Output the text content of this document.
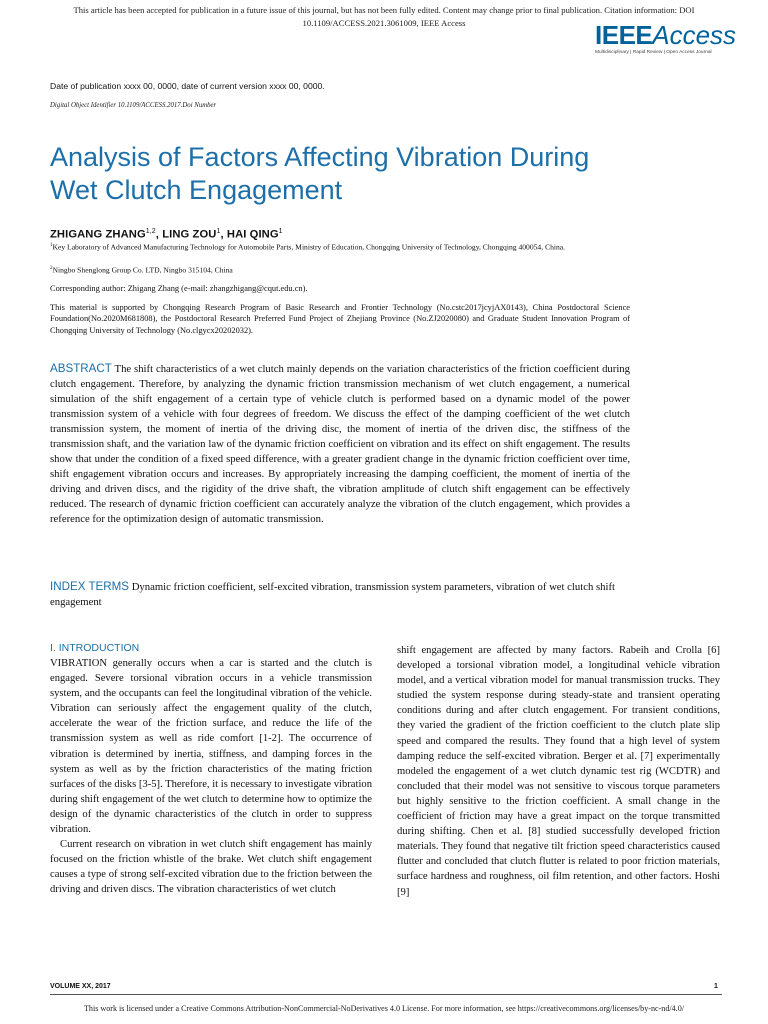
This article has been accepted for publication in a future issue of this journal, but has not been fully edited. Content may change prior to final publication. Citation information: DOI
10.1109/ACCESS.2021.3061009, IEEE Access	IEEEAccess
Multidisciplinary | Rapid Review | Open Access Journal
Date of publication xxxx 00, 0000, date of current version xxxx 00, 0000.
Digital Object Identifier 10.1109/ACCESS.2017.Doi Number
Analysis of Factors Affecting Vibration During
Wet Clutch Engagement
ZHIGANG ZHANG$^{1,2}$, LING ZOU$^1$, HAI QING$^1$
$^1$Key Laboratory of Advanced Manufacturing Technology for Automobile Parts, Ministry of Education, Chongqing University of Technology, Chongqing 400054, China.
$^2$Ningbo Shenglong Group Co. LTD, Ningbo 315104, China
Corresponding author: Zhigang Zhang (e-mail: zhangzhigang@cqut.edu.cn).
This material is supported by Chongqing Research Program of Basic Research and Frontier Technology (No.cstc2017jcyjAX0143), China Postdoctoral Science Foundation(No.2020M681808), the Postdoctoral Research Preferred Fund Project of Zhejiang Province (No.ZJ2020080) and Graduate Student Innovation Program of Chongqing University of Technology (No.clgycx20202032).
ABSTRACT The shift characteristics of a wet clutch mainly depends on the variation characteristics of the friction coefficient during clutch engagement. Therefore, by analyzing the dynamic friction transmission mechanism of wet clutch engagement, a numerical simulation of the shift engagement of a certain type of vehicle clutch is performed based on a dynamic model of the power transmission system of a vehicle with four degrees of freedom. We discuss the effect of the damping coefficient of the wet clutch transmission system, the moment of inertia of the driving disc, the moment of inertia of the driven disc, the stiffness of the transmission shaft, and the variation law of the dynamic friction coefficient on vibration and its effect on shift engagement. The results show that under the condition of a fixed speed difference, with a greater gradient change in the dynamic friction coefficient over time, shift engagement vibration occurs and increases. By appropriately increasing the damping coefficient, the moment of inertia of the driving and driven discs, and the rigidity of the drive shaft, the vibration amplitude of clutch shift engagement can be effectively reduced. The research of dynamic friction coefficient can accurately analyze the vibration of the clutch engagement, which provides a reference for the optimization design of automatic transmission.
INDEX TERMS Dynamic friction coefficient, self-excited vibration, transmission system parameters, vibration of wet clutch shift engagement

I. INTRODUCTION

VIBRATION generally occurs when a car is started and the clutch is engaged. Severe torsional vibration occurs in a vehicle transmission system, and the occupants can feel the longitudinal vibration of the vehicle. Vibration can seriously affect the engagement quality of the clutch, accelerate the wear of the friction surface, and reduce the life of the transmission system as well as ride comfort [1-2]. The occurrence of vibration is determined by inertia, stiffness, and damping forces in the system as well as by the friction characteristics of the mating friction surfaces of the disks [3-5]. Therefore, it is necessary to investigate vibration during shift engagement of the wet clutch to determine how to optimize the design of the dynamic characteristics of the clutch in order to suppress vibration.

Current research on vibration in wet clutch shift engagement has mainly focused on the friction whistle of the brake. Wet clutch shift engagement causes a type of strong self-excited vibration due to the friction between the driving and driven discs. The vibration characteristics of wet clutch

shift engagement are affected by many factors. Rabeih and Crolla [6] developed a torsional vibration model, a longitudinal vehicle vibration model, and a vertical vibration model for manual transmission trucks. They studied the system response during steady-state and transient operating conditions during and after clutch engagement. For transient conditions, they varied the gradient of the friction coefficient to the clutch plate slip speed and compared the results. They found that a high level of system damping reduce the self-excited vibration. Berger et al. [7] experimentally modeled the engagement of a wet clutch dynamic test rig (WCDTR) and concluded that their model was not sensitive to viscous torque parameters but highly sensitive to the friction coefficient. A small change in the coefficient of friction may have a great impact on the torque transmitted during shifting. Chen et al. [8] studied successfully developed friction materials. They found that negative tilt friction speed characteristics caused flutter and concluded that clutch flutter is related to poor friction materials, surface hardness and roughness, oil film retention, and other factors. Hoshi [9]

VOLUME XX, 2017	1
This work is licensed under a Creative Commons Attribution-NonCommercial-NoDerivatives 4.0 License. For more information, see https://creativecommons.org/licenses/by-nc-nd/4.0/
